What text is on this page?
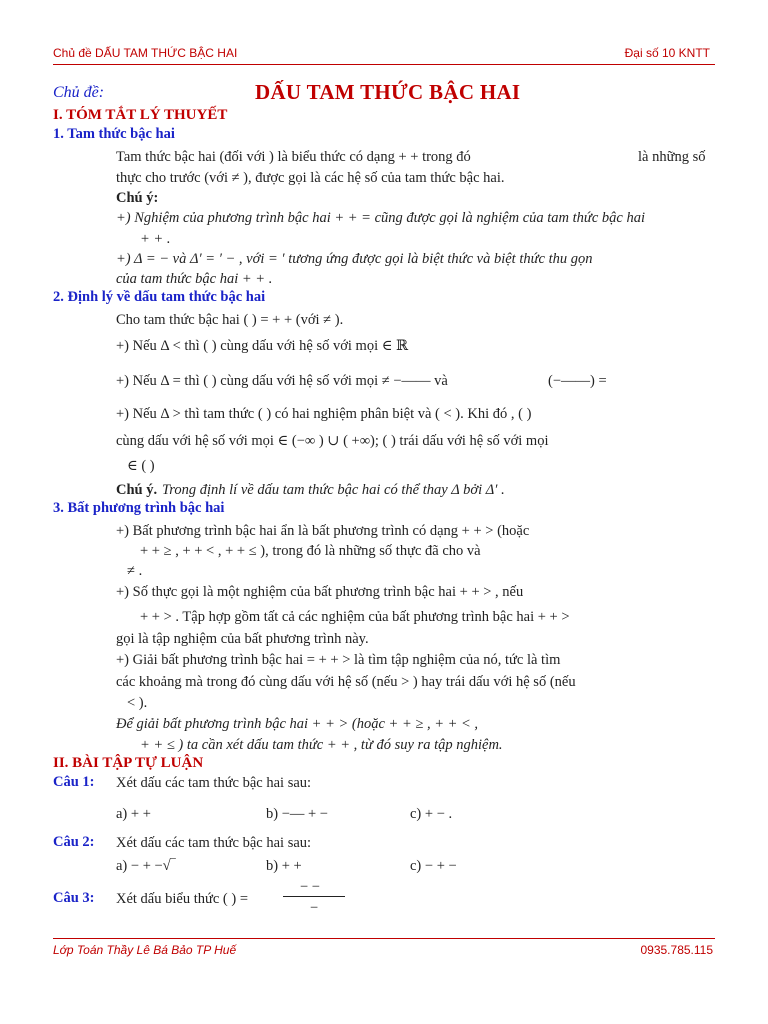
Chủ đề DẤU TAM THỨC BẬC HAI	Đại số 10 KNTT
Chủ đề:	DẤU TAM THỨC BẬC HAI
I. TÓM TẮT LÝ THUYẾT
1. Tam thức bậc hai
Tam thức bậc hai (đối với ) là biểu thức có dạng + + trong đó	là những số
thực cho trước (với ≠ ), được gọi là các hệ số của tam thức bậc hai.
Chú ý:
+) Nghiệm của phương trình bậc hai + + = cũng được gọi là nghiệm của tam thức bậc hai
+ + .
+) Δ = − và Δ′ = ′ − , với = ′ tương ứng được gọi là biệt thức và biệt thức thu gọn
của tam thức bậc hai + + .
2. Định lý về dấu tam thức bậc hai
Cho tam thức bậc hai ( ) = + + (với ≠ ).
+) Nếu Δ < thì ( ) cùng dấu với hệ số với mọi ∈ ℝ
+) Nếu Δ = thì ( ) cùng dấu với hệ số với mọi ≠ −—— và	(−——) =
+) Nếu Δ > thì tam thức ( ) có hai nghiệm phân biệt và ( < ). Khi đó , ( )
cùng dấu với hệ số với mọi ∈ (−∞ ) ∪ ( +∞); ( ) trái dấu với hệ số với mọi
∈ ( )
Chú ý. Trong định lí về dấu tam thức bậc hai có thể thay Δ bởi Δ′ .
3. Bất phương trình bậc hai
+) Bất phương trình bậc hai ẩn là bất phương trình có dạng + + > (hoặc
+ + ≥ , + + < , + + ≤ ), trong đó là những số thực đã cho và
≠ .
+) Số thực gọi là một nghiệm của bất phương trình bậc hai + + > , nếu
+ + > . Tập hợp gồm tất cả các nghiệm của bất phương trình bậc hai + + >
gọi là tập nghiệm của bất phương trình này.
+) Giải bất phương trình bậc hai = + + > là tìm tập nghiệm của nó, tức là tìm
các khoảng mà trong đó cùng dấu với hệ số (nếu > ) hay trái dấu với hệ số (nếu
< ).
Để giải bất phương trình bậc hai + + > (hoặc + + ≥ , + + < ,
+ + ≤ ) ta cần xét dấu tam thức + + , từ đó suy ra tập nghiệm.
II. BÀI TẬP TỰ LUẬN
Câu 1: Xét dấu các tam thức bậc hai sau:
a) + +	b) −— + −	c) + − .
Câu 2: Xét dấu các tam thức bậc hai sau:
a) − + −√‾	b) + +	c) − + −
Câu 3: Xét dấu biểu thức ( ) =
− −
−
Lớp Toán Thầy Lê Bá Bảo TP Huế	0935.785.115
